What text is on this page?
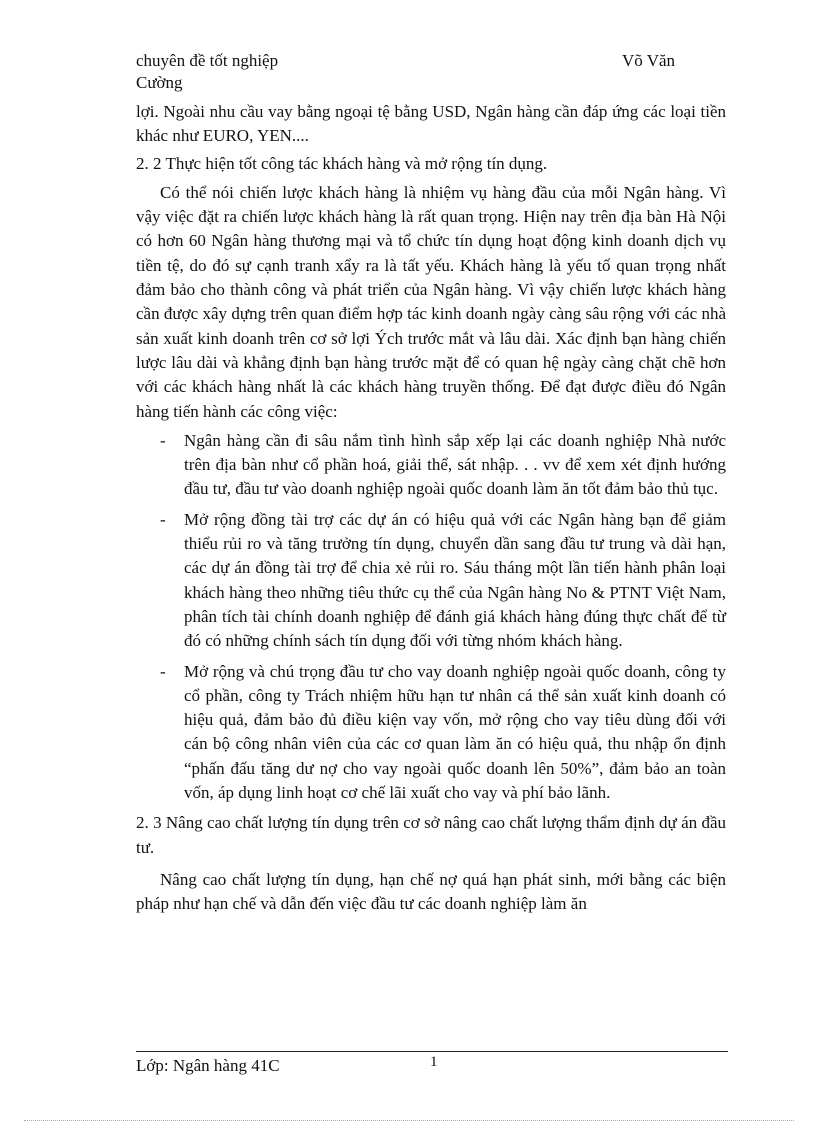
chuyên đề tốt nghiệp	Võ Văn
Cường

lợi. Ngoài nhu cầu vay bằng ngoại tệ bằng USD, Ngân hàng cần đáp ứng các loại tiền khác như EURO, YEN....

2. 2 Thực hiện tốt công tác khách hàng và mở rộng tín dụng.

Có thể nói chiến lược khách hàng là nhiệm vụ hàng đầu của mỗi Ngân hàng. Vì vậy việc đặt ra chiến lược khách hàng là rất quan trọng. Hiện nay trên địa bàn Hà Nội có hơn 60 Ngân hàng thương mại và tổ chức tín dụng hoạt động kinh doanh dịch vụ tiền tệ, do đó sự cạnh tranh xẩy ra là tất yếu. Khách hàng là yếu tố quan trọng nhất đảm bảo cho thành công và phát triển của Ngân hàng. Vì vậy chiến lược khách hàng cần được xây dựng trên quan điểm hợp tác kinh doanh ngày càng sâu rộng với các nhà sản xuất kinh doanh trên cơ sở lợi Ých trước mắt và lâu dài. Xác định bạn hàng chiến lược lâu dài và khẳng định bạn hàng trước mặt để có quan hệ ngày càng chặt chẽ hơn với các khách hàng nhất là các khách hàng truyền thống. Để đạt được điều đó Ngân hàng tiến hành các công việc:

- Ngân hàng cần đi sâu nắm tình hình sắp xếp lại các doanh nghiệp Nhà nước trên địa bàn như cổ phần hoá, giải thể, sát nhập. . . vv để xem xét định hướng đầu tư, đầu tư vào doanh nghiệp ngoài quốc doanh làm ăn tốt đảm bảo thủ tục.
- Mở rộng đồng tài trợ các dự án có hiệu quả với các Ngân hàng bạn để giảm thiểu rủi ro và tăng trưởng tín dụng, chuyển dần sang đầu tư trung và dài hạn, các dự án đồng tài trợ để chia xẻ rủi ro. Sáu tháng một lần tiến hành phân loại khách hàng theo những tiêu thức cụ thể của Ngân hàng No & PTNT Việt Nam, phân tích tài chính doanh nghiệp để đánh giá khách hàng đúng thực chất để từ đó có những chính sách tín dụng đối với từng nhóm khách hàng.
- Mở rộng và chú trọng đầu tư cho vay doanh nghiệp ngoài quốc doanh, công ty cổ phần, công ty Trách nhiệm hữu hạn tư nhân cá thể sản xuất kinh doanh có hiệu quả, đảm bảo đủ điều kiện vay vốn, mở rộng cho vay tiêu dùng đối với cán bộ công nhân viên của các cơ quan làm ăn có hiệu quả, thu nhập ổn định “phấn đấu tăng dư nợ cho vay ngoài quốc doanh lên 50%”, đảm bảo an toàn vốn, áp dụng linh hoạt cơ chế lãi xuất cho vay và phí bảo lãnh.

2. 3 Nâng cao chất lượng tín dụng trên cơ sở nâng cao chất lượng thẩm định dự án đầu tư.

Nâng cao chất lượng tín dụng, hạn chế nợ quá hạn phát sinh, mới bằng các biện pháp như hạn chế và dẫn đến việc đầu tư các doanh nghiệp làm ăn

Lớp: Ngân hàng 41C	1
